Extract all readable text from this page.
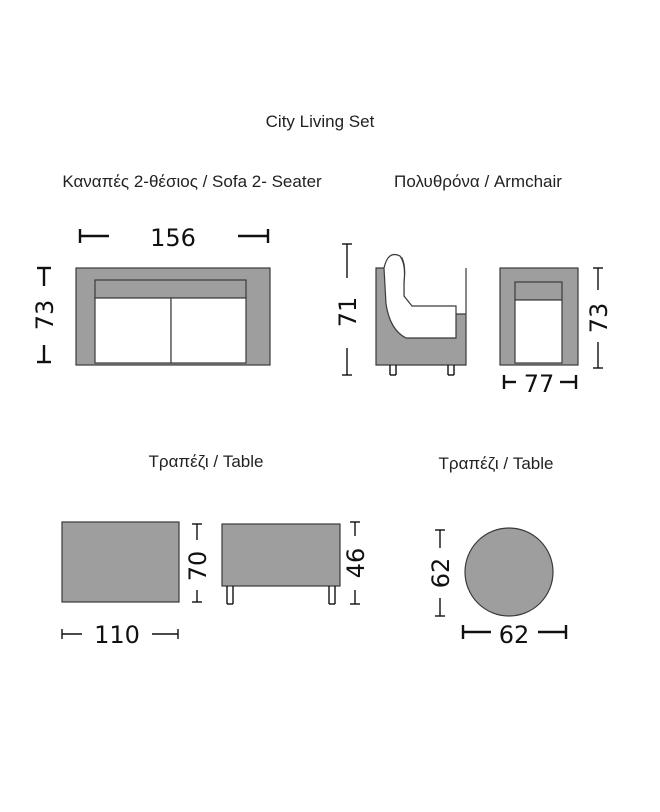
City Living Set
Καναπές 2-θέσιος / Sofa 2- Seater	Πολυθρόνα / Armchair
Τραπέζι / Table	Τραπέζι / Table
156
73	71	73
77
110
70	46 62
62
